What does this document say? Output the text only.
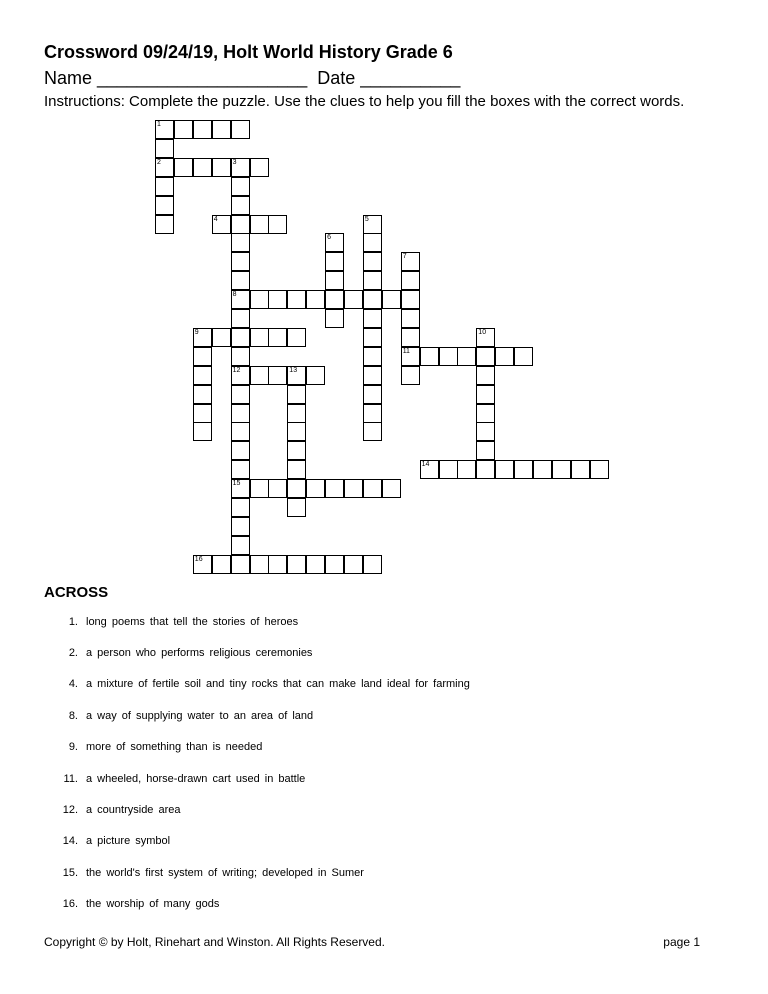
Crossword 09/24/19, Holt World History Grade 6
Name _____________________  Date __________
Instructions: Complete the puzzle. Use the clues to help you fill the boxes with the correct words.
1
2	3
8
12
4	5
6
7
11
9	10
13
14
15
16
ACROSS
1. long poems that tell the stories of heroes
2. a person who performs religious ceremonies
4. a mixture of fertile soil and tiny rocks that can make land ideal for farming
8. a way of supplying water to an area of land
9. more of something than is needed
11. a wheeled, horse-drawn cart used in battle
12. a countryside area
14. a picture symbol
15. the world's first system of writing; developed in Sumer
16. the worship of many gods
Copyright © by Holt, Rinehart and Winston. All Rights Reserved.	page 1
